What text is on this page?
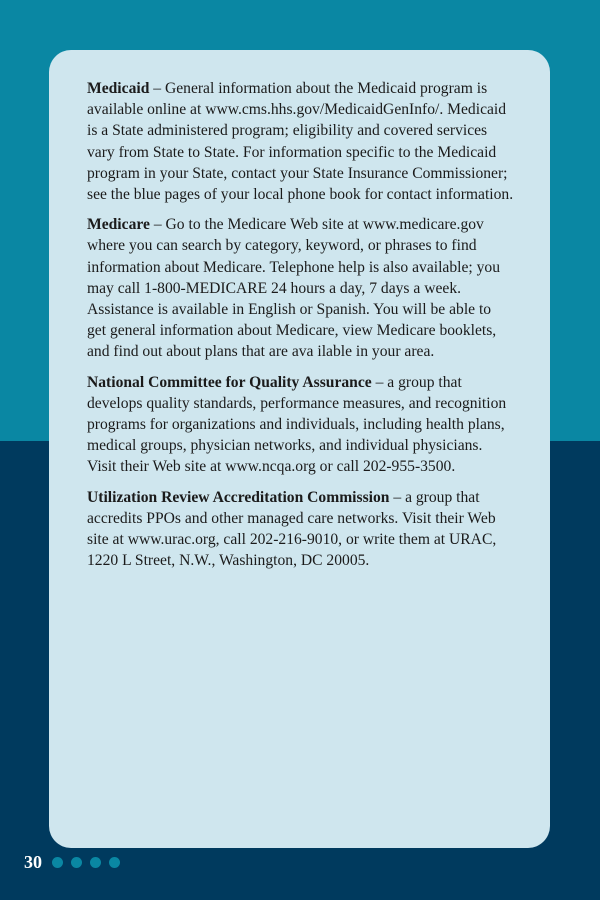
Medicaid – General information about the Medicaid program is available online at www.cms.hhs.gov/MedicaidGenInfo/. Medicaid is a State administered program; eligibility and covered services vary from State to State. For information specific to the Medicaid program in your State, contact your State Insurance Commissioner; see the blue pages of your local phone book for contact information.

Medicare – Go to the Medicare Web site at www.medicare.gov where you can search by category, keyword, or phrases to find information about Medicare. Telephone help is also available; you may call 1-800-MEDICARE 24 hours a day, 7 days a week. Assistance is available in English or Spanish. You will be able to get general information about Medicare, view Medicare booklets, and find out about plans that are ava ilable in your area.

National Committee for Quality Assurance – a group that develops quality standards, performance measures, and recognition programs for organizations and individuals, including health plans, medical groups, physician networks, and individual physicians. Visit their Web site at www.ncqa.org or call 202-955-3500.

Utilization Review Accreditation Commission – a group that accredits PPOs and other managed care networks. Visit their Web site at www.urac.org, call 202-216-9010, or write them at URAC, 1220 L Street, N.W., Washington, DC 20005.

30
